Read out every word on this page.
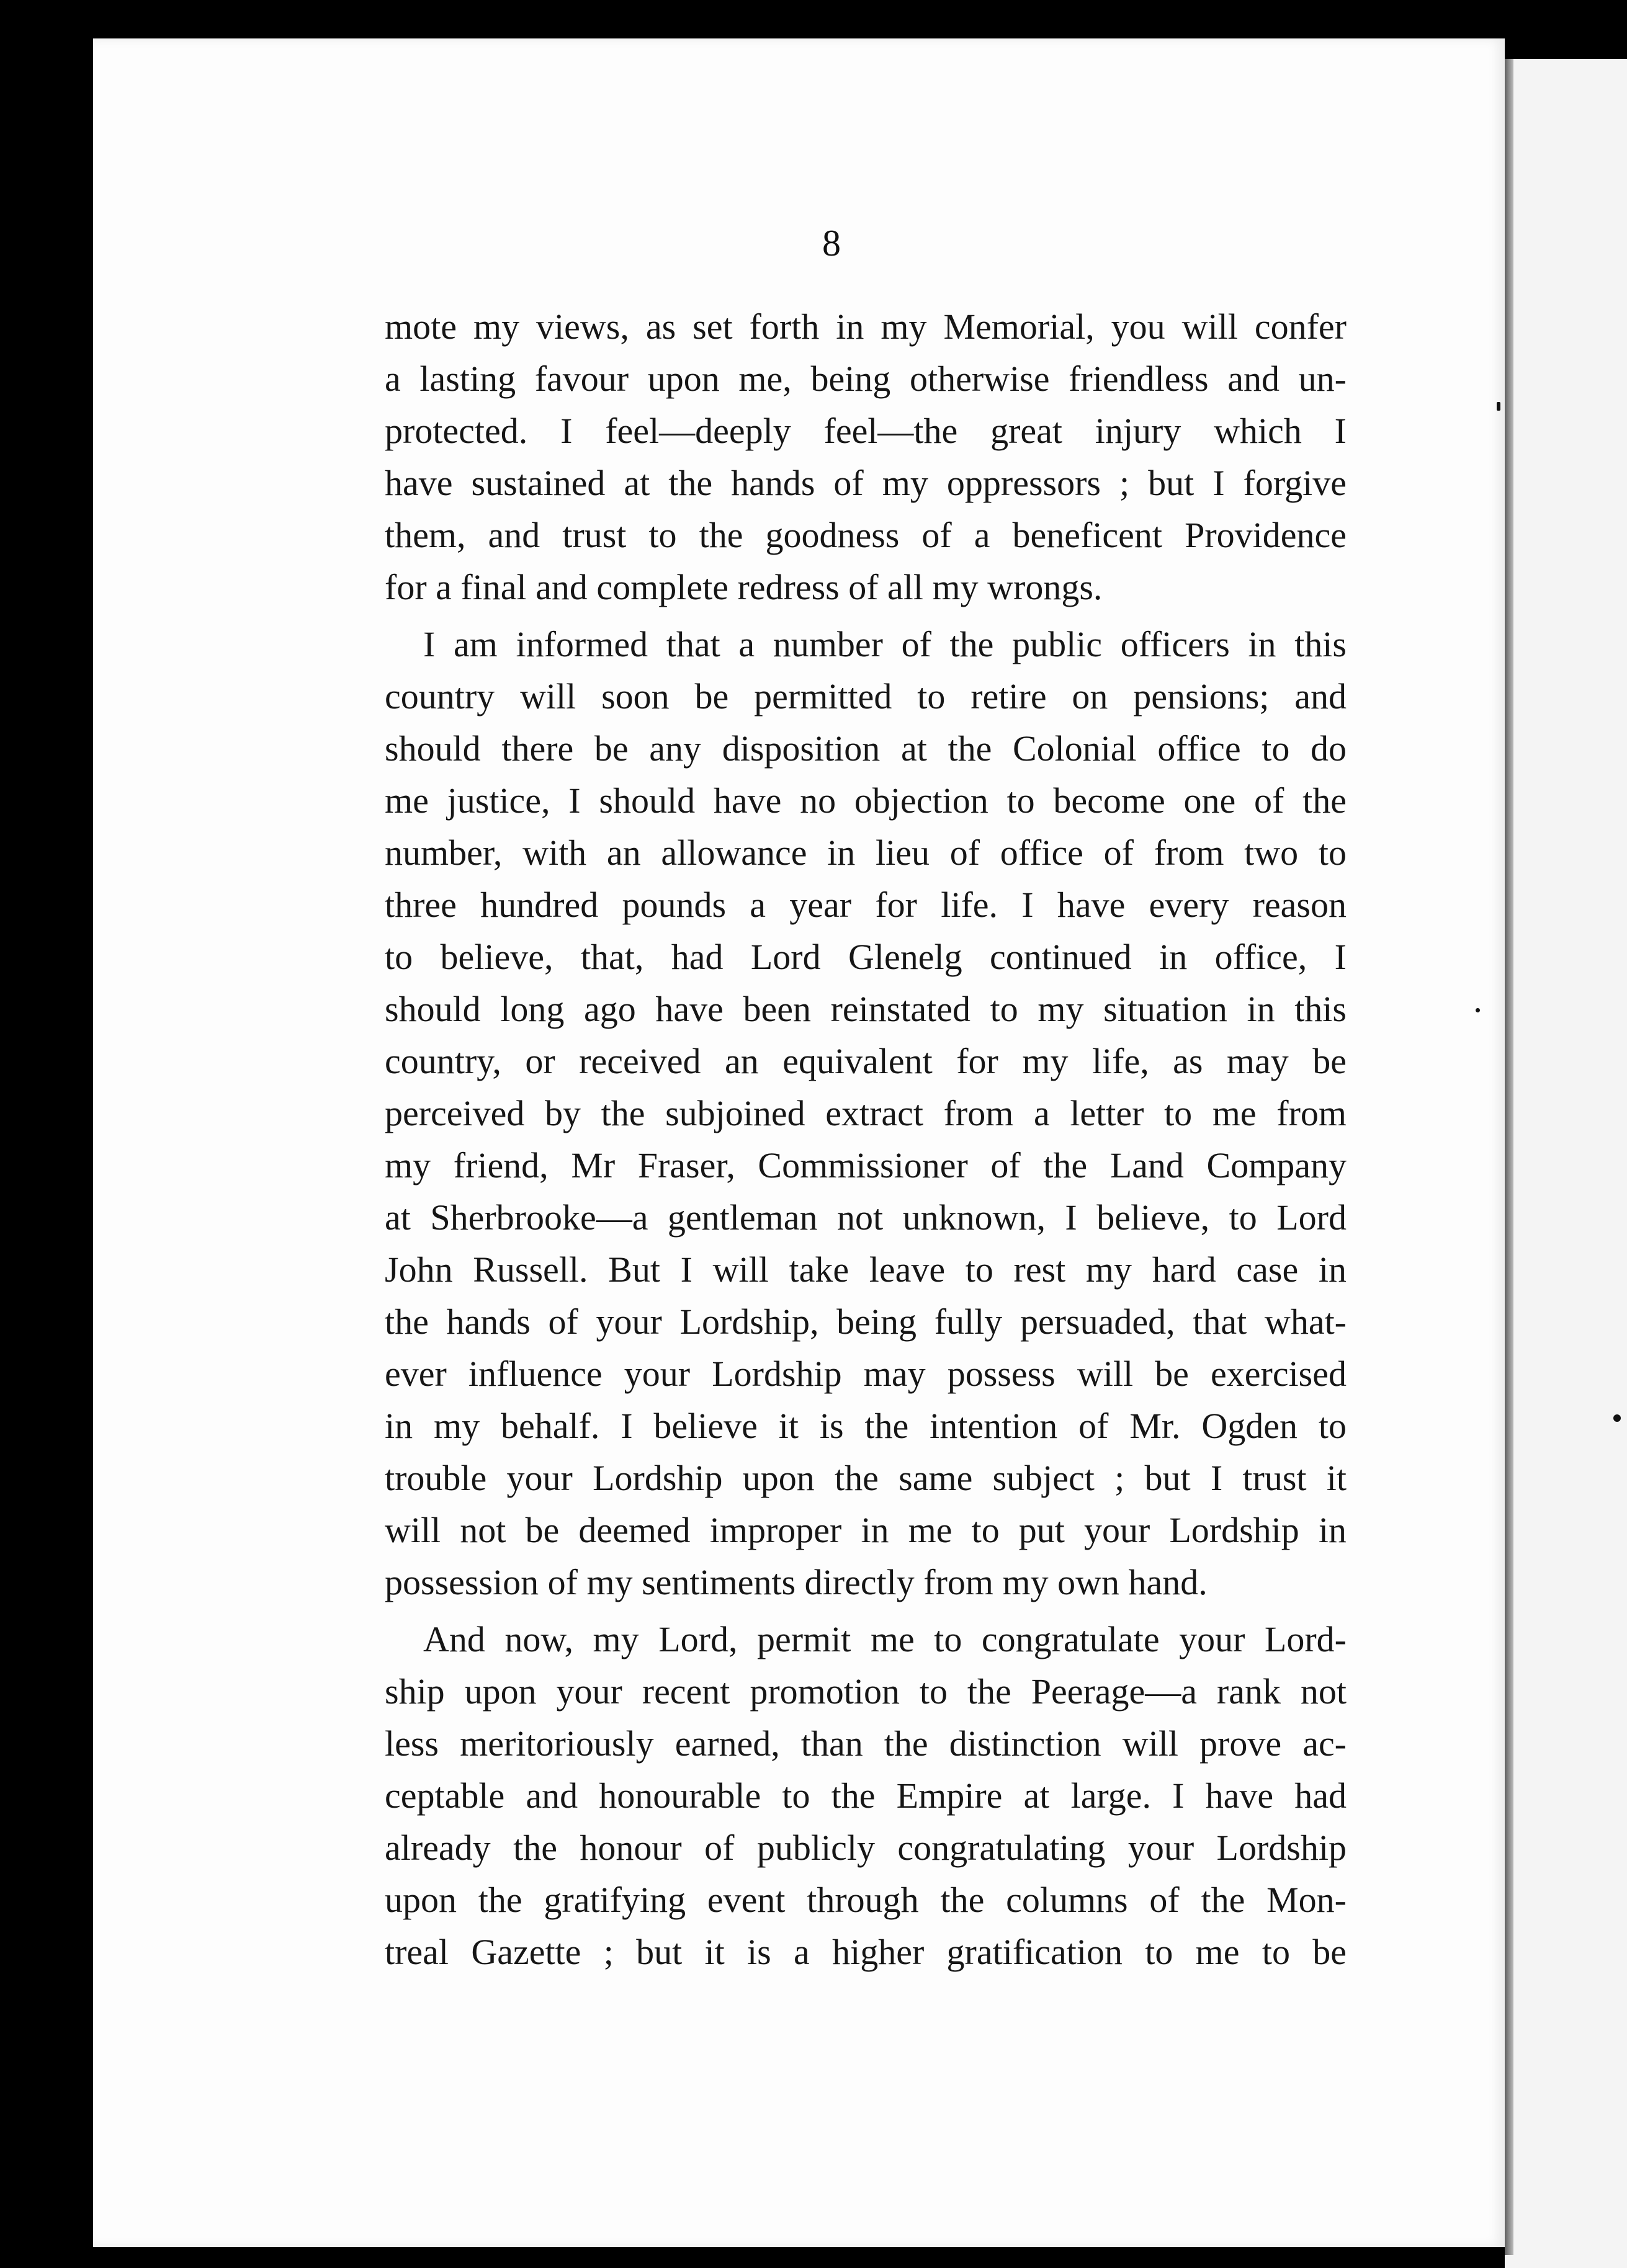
8
mote my views, as set forth in my Memorial, you will confer
a lasting favour upon me, being otherwise friendless and un-
protected. I feel—deeply feel—the great injury which I
have sustained at the hands of my oppressors ; but I forgive
them, and trust to the goodness of a beneficent Providence
for a final and complete redress of all my wrongs.
I am informed that a number of the public officers in this
country will soon be permitted to retire on pensions; and
should there be any disposition at the Colonial office to do
me justice, I should have no objection to become one of the
number, with an allowance in lieu of office of from two to
three hundred pounds a year for life. I have every reason
to believe, that, had Lord Glenelg continued in office, I
should long ago have been reinstated to my situation in this
country, or received an equivalent for my life, as may be
perceived by the subjoined extract from a letter to me from
my friend, Mr Fraser, Commissioner of the Land Company
at Sherbrooke—a gentleman not unknown, I believe, to Lord
John Russell. But I will take leave to rest my hard case in
the hands of your Lordship, being fully persuaded, that what-
ever influence your Lordship may possess will be exercised
in my behalf. I believe it is the intention of Mr. Ogden to
trouble your Lordship upon the same subject ; but I trust it
will not be deemed improper in me to put your Lordship in
possession of my sentiments directly from my own hand.
And now, my Lord, permit me to congratulate your Lord-
ship upon your recent promotion to the Peerage—a rank not
less meritoriously earned, than the distinction will prove ac-
ceptable and honourable to the Empire at large. I have had
already the honour of publicly congratulating your Lordship
upon the gratifying event through the columns of the Mon-
treal Gazette ; but it is a higher gratification to me to be
